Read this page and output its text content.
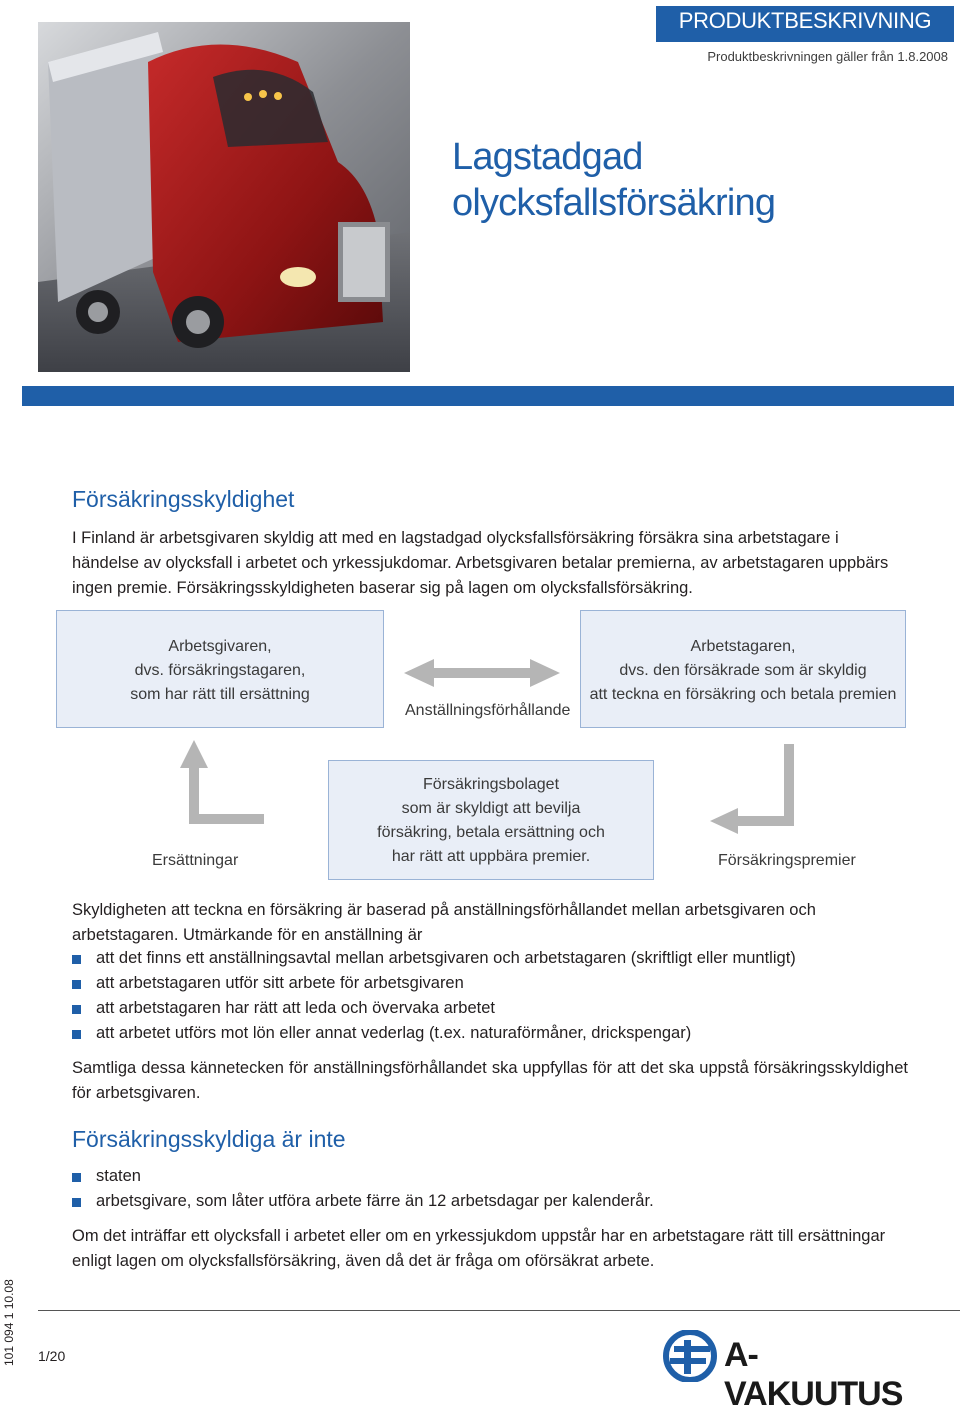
PRODUKTBESKRIVNING
Produktbeskrivningen gäller från 1.8.2008
Lagstadgad
olycksfallsförsäkring
Försäkringsskyldighet
I Finland är arbetsgivaren skyldig att med en lagstadgad olycksfallsförsäkring försäkra sina arbetstagare i händelse av olycksfall i arbetet och yrkessjukdomar. Arbetsgivaren betalar premierna, av arbetstagaren uppbärs ingen premie. Försäkringsskyldigheten baserar sig på lagen om olycksfallsförsäkring.
Arbetsgivaren,
dvs. försäkringstagaren,
som har rätt till ersättning
Arbetstagaren,
dvs. den försäkrade som är skyldig
att teckna en försäkring och betala premien
Anställningsförhållande
Försäkringsbolaget
som är skyldigt att bevilja
försäkring, betala ersättning och
har rätt att uppbära premier.
Ersättningar	Försäkringspremier
Skyldigheten att teckna en försäkring är baserad på anställningsförhållandet mellan arbetsgivaren och arbetstagaren. Utmärkande för en anställning är
att det finns ett anställningsavtal mellan arbetsgivaren och arbetstagaren (skriftligt eller muntligt)
att arbetstagaren utför sitt arbete för arbetsgivaren
att arbetstagaren har rätt att leda och övervaka arbetet
att arbetet utförs mot lön eller annat vederlag (t.ex. naturaförmåner, drickspengar)
Samtliga dessa kännetecken för anställningsförhållandet ska uppfyllas för att det ska uppstå försäkringsskyldighet för arbetsgivaren.
Försäkringsskyldiga är inte
staten
arbetsgivare, som låter utföra arbete färre än 12 arbetsdagar per kalenderår.
Om det inträffar ett olycksfall i arbetet eller om en yrkessjukdom uppstår har en arbetstagare rätt till ersättningar enligt lagen om olycksfallsförsäkring, även då det är fråga om oförsäkrat arbete.
1/20
101 094 1 10.08	A-VAKUUTUS
